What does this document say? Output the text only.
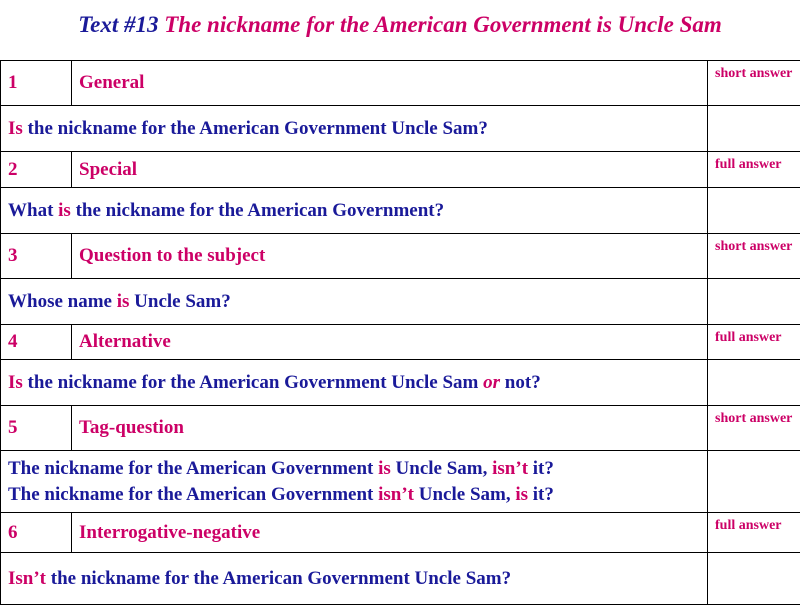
Text #13 The nickname for the American Government is Uncle Sam
1	General	short answer
Is the nickname for the American Government Uncle Sam?		
2	Special	full answer
What is the nickname for the American Government?		
3	Question to the subject	short answer
Whose name is Uncle Sam?		
4	Alternative	full answer
Is the nickname for the American Government Uncle Sam or not?		
5	Tag-question	short answer

The nickname for the American Government is Uncle Sam, isn’t it?
The nickname for the American Government isn’t Uncle Sam, is it?		

6	Interrogative-negative	full answer
Isn’t the nickname for the American Government Uncle Sam?		
